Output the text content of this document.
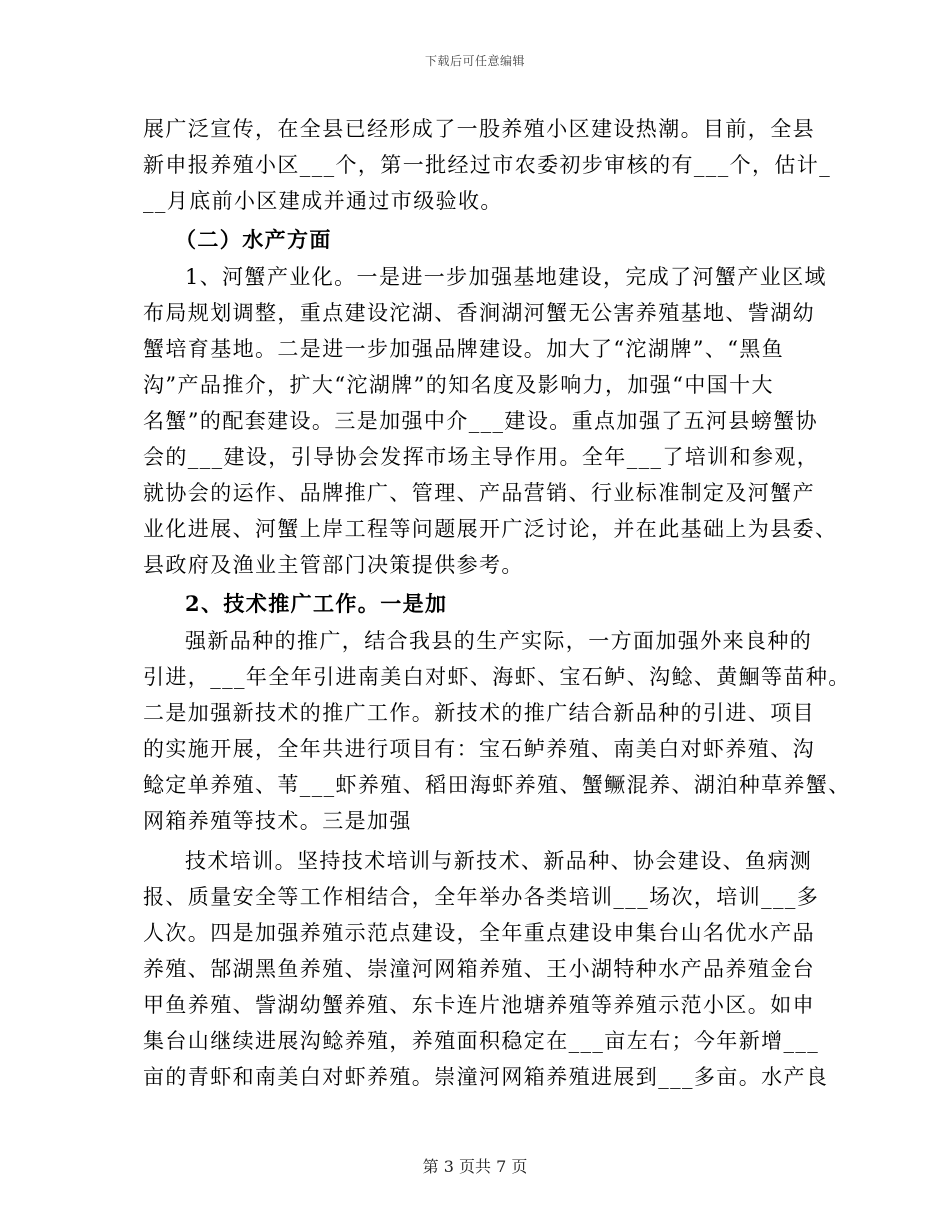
下载后可任意编辑
展广泛宣传，在全县已经形成了一股养殖小区建设热潮。目前，全县
新申报养殖小区___个，第一批经过市农委初步审核的有___个，估计_
__月底前小区建成并通过市级验收。
（二）水产方面
1、河蟹产业化。一是进一步加强基地建设，完成了河蟹产业区域
布局规划调整，重点建设沱湖、香涧湖河蟹无公害养殖基地、訾湖幼
蟹培育基地。二是进一步加强品牌建设。加大了“沱湖牌”、“黑鱼
沟”产品推介，扩大“沱湖牌”的知名度及影响力，加强“中国十大
名蟹”的配套建设。三是加强中介___建设。重点加强了五河县螃蟹协
会的___建设，引导协会发挥市场主导作用。全年___了培训和参观，
就协会的运作、品牌推广、管理、产品营销、行业标准制定及河蟹产
业化进展、河蟹上岸工程等问题展开广泛讨论，并在此基础上为县委、
县政府及渔业主管部门决策提供参考。
2、技术推广工作。一是加
强新品种的推广，结合我县的生产实际，一方面加强外来良种的
引进，___年全年引进南美白对虾、海虾、宝石鲈、沟鲶、黄鮰等苗种。
二是加强新技术的推广工作。新技术的推广结合新品种的引进、项目
的实施开展，全年共进行项目有：宝石鲈养殖、南美白对虾养殖、沟
鲶定单养殖、苇___虾养殖、稻田海虾养殖、蟹鳜混养、湖泊种草养蟹、
网箱养殖等技术。三是加强
技术培训。坚持技术培训与新技术、新品种、协会建设、鱼病测
报、质量安全等工作相结合，全年举办各类培训___场次，培训___多
人次。四是加强养殖示范点建设，全年重点建设申集台山名优水产品
养殖、郜湖黑鱼养殖、崇潼河网箱养殖、王小湖特种水产品养殖金台
甲鱼养殖、訾湖幼蟹养殖、东卡连片池塘养殖等养殖示范小区。如申
集台山继续进展沟鲶养殖，养殖面积稳定在___亩左右；今年新增___
亩的青虾和南美白对虾养殖。崇潼河网箱养殖进展到___多亩。水产良
第 3 页共 7 页
